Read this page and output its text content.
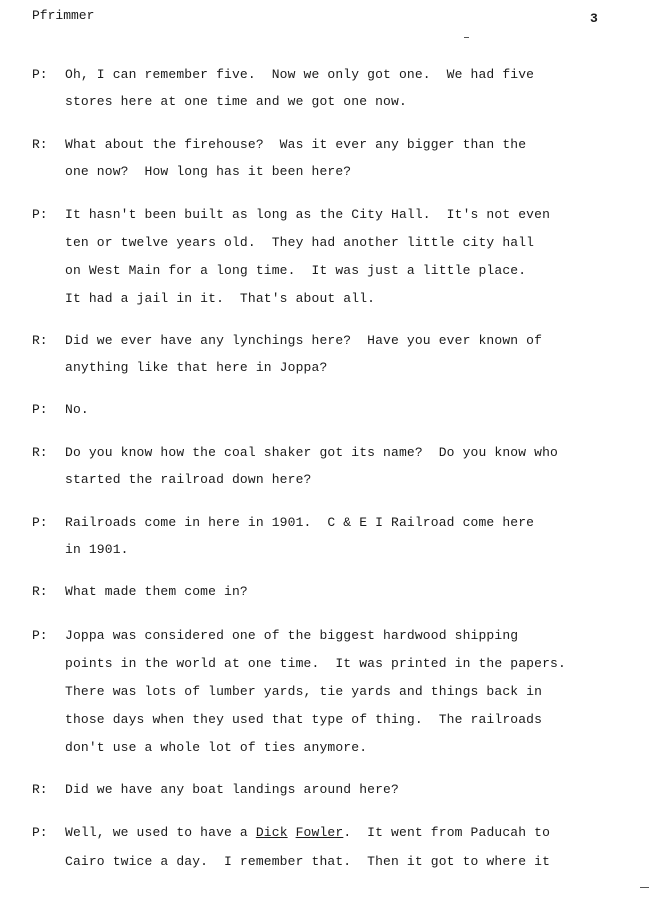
Pfrimmer	3
P: Oh, I can remember five.  Now we only got one.  We had five
stores here at one time and we got one now.
R: What about the firehouse?  Was it ever any bigger than the
one now?  How long has it been here?
P: It hasn't been built as long as the City Hall.  It's not even
ten or twelve years old.  They had another little city hall
on West Main for a long time.  It was just a little place.
It had a jail in it.  That's about all.
R: Did we ever have any lynchings here?  Have you ever known of
anything like that here in Joppa?
P: No.
R: Do you know how the coal shaker got its name?  Do you know who
started the railroad down here?
P: Railroads come in here in 1901.  C & E I Railroad come here
in 1901.
R: What made them come in?
P: Joppa was considered one of the biggest hardwood shipping
points in the world at one time.  It was printed in the papers.
There was lots of lumber yards, tie yards and things back in
those days when they used that type of thing.  The railroads
don't use a whole lot of ties anymore.
R: Did we have any boat landings around here?
P: Well, we used to have a Dick Fowler.  It went from Paducah to
Cairo twice a day.  I remember that.  Then it got to where it
